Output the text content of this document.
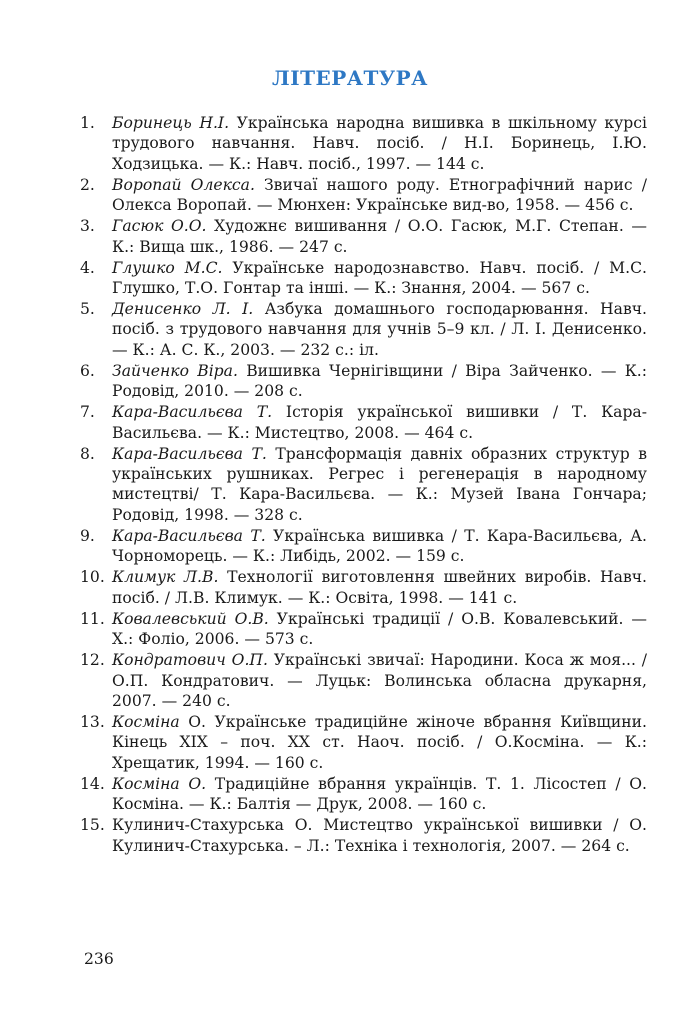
ЛІТЕРАТУРА
1.	Боринець Н.І. Українська народна вишивка в шкільному курсі трудового навчання. Навч. посіб. / Н.І. Боринець, І.Ю. Ходзицька. — К.: Навч. посіб., 1997. — 144 с.
2.	Воропай Олекса. Звичаї нашого роду. Етнографічний нарис / Олекса Воропай. — Мюнхен: Українське вид-во, 1958. — 456 с.
3.	Гасюк О.О. Художнє вишивання / О.О. Гасюк, М.Г. Степан. — К.: Вища шк., 1986. — 247 с.
4.	Глушко М.С. Українське народознавство. Навч. посіб. / М.С. Глушко, Т.О. Гонтар та інші. — К.: Знання, 2004. — 567 с.
5.	Денисенко Л. І. Азбука домашнього господарювання. Навч. посіб. з трудового навчання для учнів 5–9 кл. / Л. І. Денисенко. — К.: А. С. К., 2003. — 232 с.: іл.
6.	Зайченко Віра. Вишивка Чернігівщини / Віра Зайченко. — К.: Родовід, 2010. — 208 с.
7.	Кара-Васильєва Т. Історія української вишивки / Т. Кара-Васильєва. — К.: Мистецтво, 2008. — 464 с.
8.	Кара-Васильєва Т. Трансформація давніх образних структур в українських рушниках. Регрес і регенерація в народному мистецтві/ Т. Кара-Васильєва. — К.: Музей Івана Гончара; Родовід, 1998. — 328 с.
9.	Кара-Васильєва Т. Українська вишивка / Т. Кара-Васильєва, А. Чорноморець. — К.: Либідь, 2002. — 159 с.
10. Климук Л.В. Технології виготовлення швейних виробів. Навч. посіб. / Л.В. Климук. — К.: Освіта, 1998. — 141 с.
11. Ковалевський О.В. Українські традиції / О.В. Ковалевський. — Х.: Фоліо, 2006. — 573 с.
12. Кондратович О.П. Українські звичаї: Народини. Коса ж моя... / О.П. Кондратович. — Луцьк: Волинська обласна друкарня, 2007. — 240 с.
13. Косміна О. Українське традиційне жіноче вбрання Київщини. Кінець XIX – поч. XX ст. Наоч. посіб. / О.Косміна. — К.: Хрещатик, 1994. — 160 с.
14. Косміна О. Традиційне вбрання українців. Т. 1. Лісостеп / О. Косміна. — К.: Балтія — Друк, 2008. — 160 с.
15. Кулинич-Стахурська О. Мистецтво української вишивки / О. Кулинич-Стахурська. – Л.: Техніка і технологія, 2007. — 264 с.
236
